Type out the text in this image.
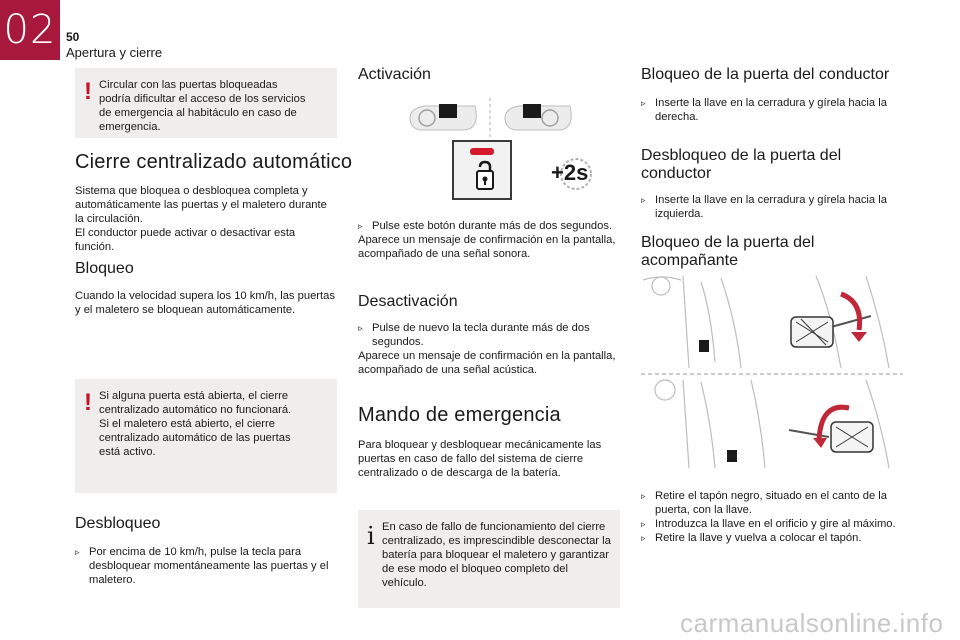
02 50
Apertura y cierre
! Circular con las puertas bloqueadas podría dificultar el acceso de los servicios de emergencia al habitáculo en caso de emergencia.
Cierre centralizado automático
Sistema que bloquea o desbloquea completa y automáticamente las puertas y el maletero durante la circulación.
El conductor puede activar o desactivar esta función.
Bloqueo
Cuando la velocidad supera los 10 km/h, las puertas y el maletero se bloquean automáticamente.
! Si alguna puerta está abierta, el cierre centralizado automático no funcionará.
Si el maletero está abierto, el cierre centralizado automático de las puertas está activo.
Desbloqueo
▹ Por encima de 10 km/h, pulse la tecla para desbloquear momentáneamente las puertas y el maletero.
Activación
+2s
▹ Pulse este botón durante más de dos segundos.
Aparece un mensaje de confirmación en la pantalla, acompañado de una señal sonora.
Desactivación
▹ Pulse de nuevo la tecla durante más de dos segundos.
Aparece un mensaje de confirmación en la pantalla, acompañado de una señal acústica.
Mando de emergencia
Para bloquear y desbloquear mecánicamente las puertas en caso de fallo del sistema de cierre centralizado o de descarga de la batería.
i En caso de fallo de funcionamiento del cierre centralizado, es imprescindible desconectar la batería para bloquear el maletero y garantizar de ese modo el bloqueo completo del vehículo.
Bloqueo de la puerta del conductor
▹ Inserte la llave en la cerradura y gírela hacia la derecha.
Desbloqueo de la puerta del conductor
▹ Inserte la llave en la cerradura y gírela hacia la izquierda.
Bloqueo de la puerta del acompañante
▹ Retire el tapón negro, situado en el canto de la puerta, con la llave.
▹ Introduzca la llave en el orificio y gire al máximo.
▹ Retire la llave y vuelva a colocar el tapón.
carmanualsonline.info
